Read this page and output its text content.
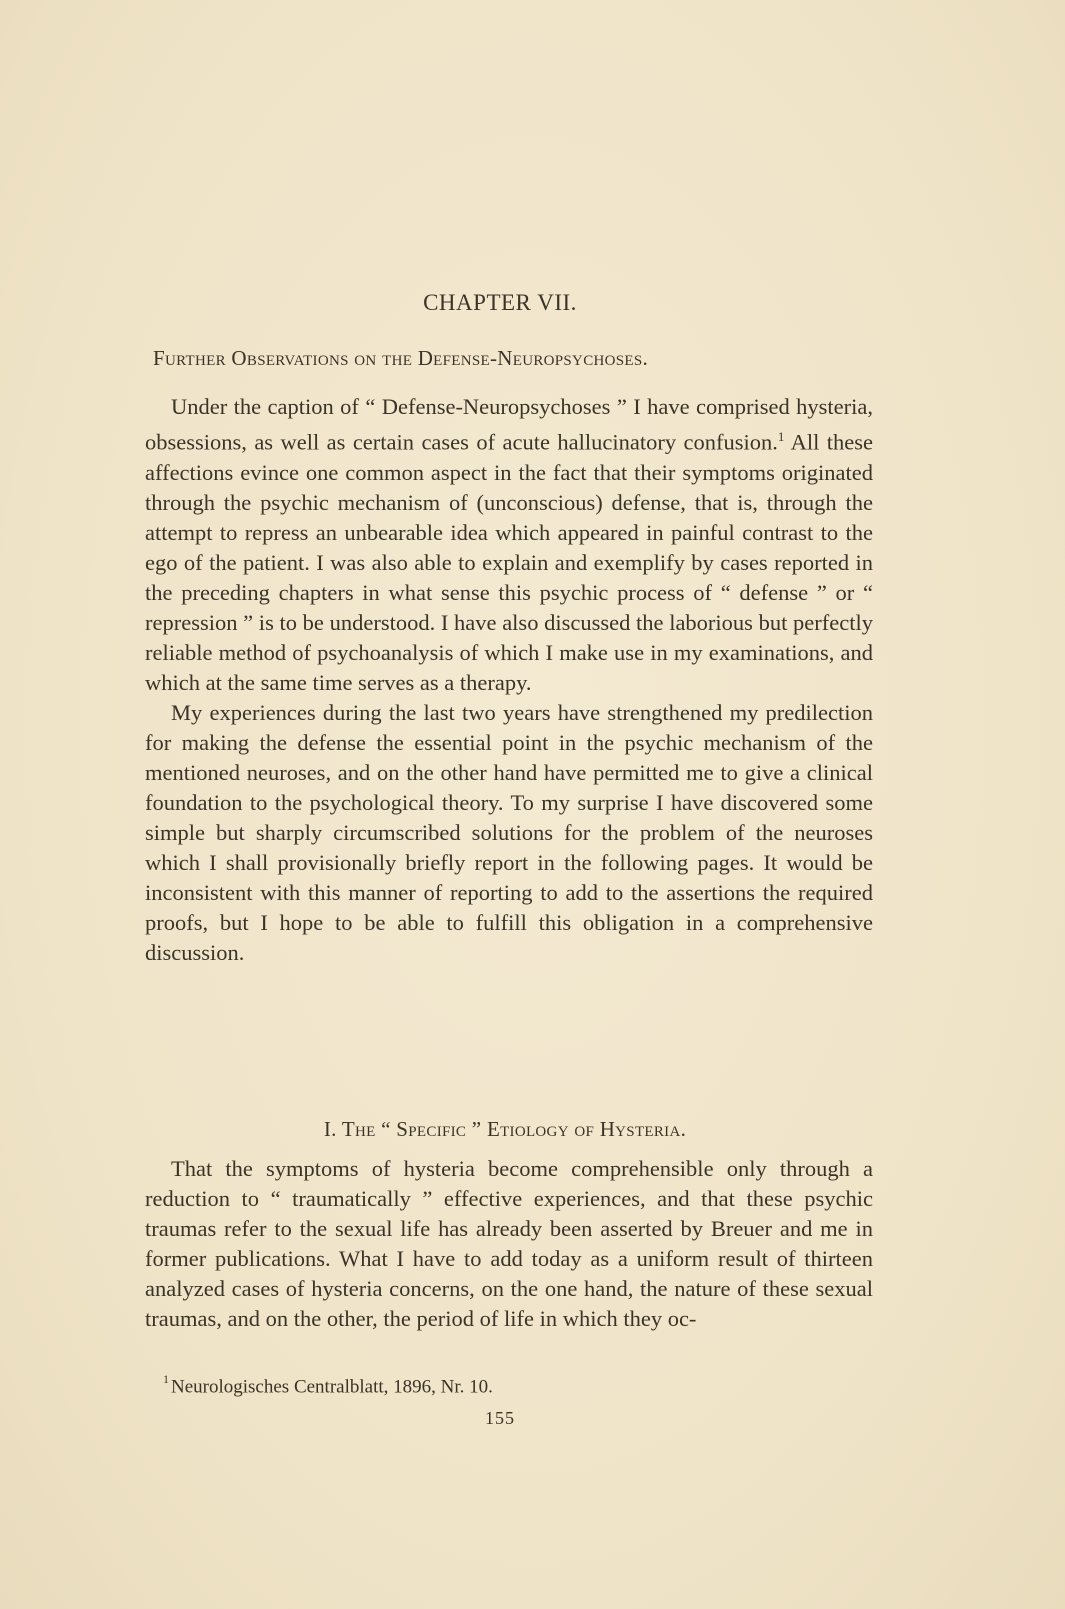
CHAPTER VII.
Further Observations on the Defense-Neuropsychoses.

Under the caption of “ Defense-Neuropsychoses ” I have comprised hysteria, obsessions, as well as certain cases of acute hallucinatory confusion.$^1$ All these affections evince one common aspect in the fact that their symptoms originated through the psychic mechanism of (unconscious) defense, that is, through the attempt to repress an unbearable idea which appeared in painful contrast to the ego of the patient. I was also able to explain and exemplify by cases reported in the preceding chapters in what sense this psychic process of “ defense ” or “ repression ” is to be understood. I have also discussed the laborious but perfectly reliable method of psychoanalysis of which I make use in my examinations, and which at the same time serves as a therapy.

My experiences during the last two years have strengthened my predilection for making the defense the essential point in the psychic mechanism of the mentioned neuroses, and on the other hand have permitted me to give a clinical foundation to the psychological theory. To my surprise I have discovered some simple but sharply circumscribed solutions for the problem of the neuroses which I shall provisionally briefly report in the following pages. It would be inconsistent with this manner of reporting to add to the assertions the required proofs, but I hope to be able to fulfill this obligation in a comprehensive discussion.

I. The “ Specific ” Etiology of Hysteria.

That the symptoms of hysteria become comprehensible only through a reduction to “ traumatically ” effective experiences, and that these psychic traumas refer to the sexual life has already been asserted by Breuer and me in former publications. What I have to add today as a uniform result of thirteen analyzed cases of hysteria concerns, on the one hand, the nature of these sexual traumas, and on the other, the period of life in which they oc-

$^1$ Neurologisches Centralblatt, 1896, Nr. 10.
155
